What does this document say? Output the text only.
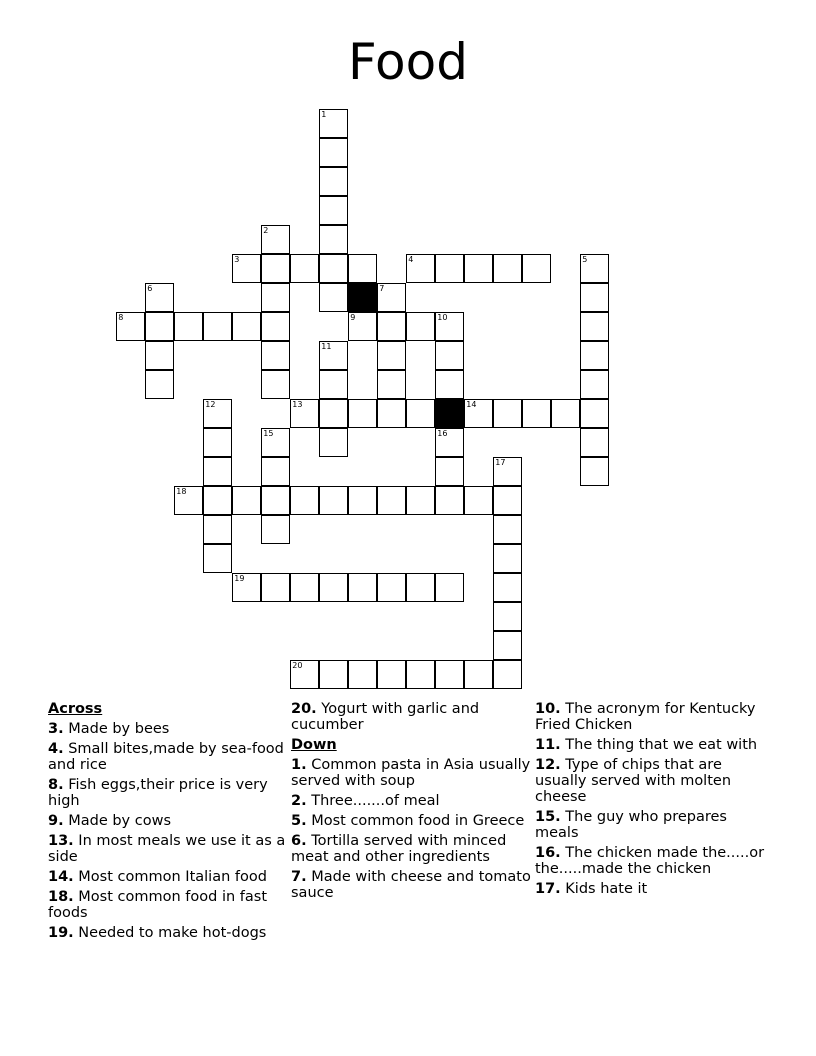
Food
1
2
3	4	5
6	7
8	9	10
11
12	13	14
15	16
17
18
19
20
Across
3. Made by bees
4. Small bites,made by sea-food and rice
8. Fish eggs,their price is very high
9. Made by cows
13. In most meals we use it as a side
14. Most common Italian food
18. Most common food in fast foods
19. Needed to make hot-dogs
20. Yogurt with garlic and cucumber
Down
1. Common pasta in Asia usually served with soup
2. Three.......of meal
5. Most common food in Greece
6. Tortilla served with minced meat and other ingredients
7. Made with cheese and tomato sauce
10. The acronym for Kentucky Fried Chicken
11. The thing that we eat with
12. Type of chips that are usually served with molten cheese
15. The guy who prepares meals
16. The chicken made the.....or the.....made the chicken
17. Kids hate it
